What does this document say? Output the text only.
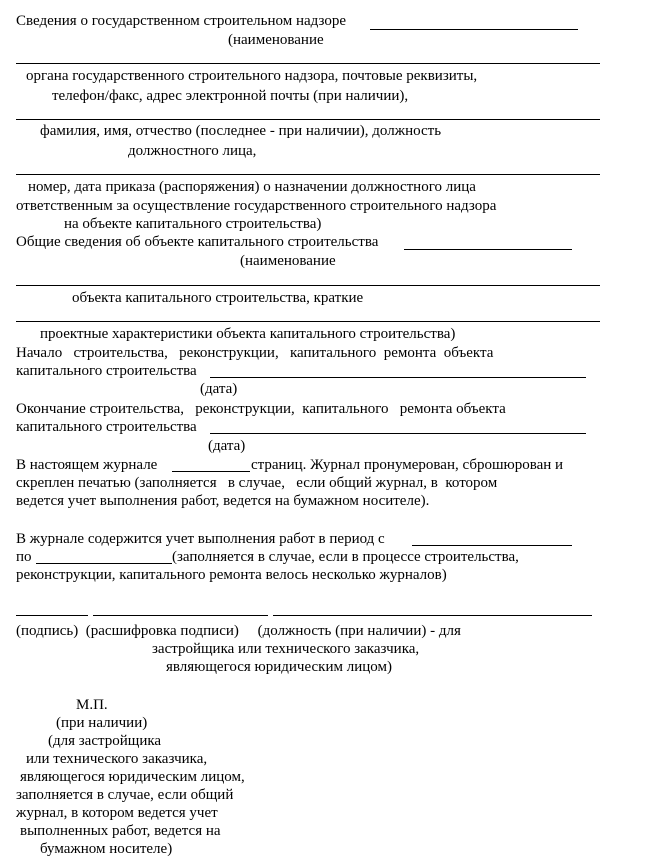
Сведения о государственном строительном надзоре
(наименование
органа государственного строительного надзора, почтовые реквизиты,
телефон/факс, адрес электронной почты (при наличии),
фамилия, имя, отчество (последнее - при наличии), должность
должностного лица,
номер, дата приказа (распоряжения) о назначении должностного лица
ответственным за осуществление государственного строительного надзора
на объекте капитального строительства)
Общие сведения об объекте капитального строительства
(наименование
объекта капитального строительства, краткие
проектные характеристики объекта капитального строительства)
Начало   строительства,   реконструкции,   капитального  ремонта  объекта
капитального строительства
(дата)
Окончание строительства,   реконструкции,  капитального   ремонта объекта
капитального строительства
(дата)
В настоящем журнале	страниц. Журнал пронумерован, сброшюрован и
скреплен печатью (заполняется   в случае,   если общий журнал, в  котором
ведется учет выполнения работ, ведется на бумажном носителе).
В журнале содержится учет выполнения работ в период с
по	(заполняется в случае, если в процессе строительства,
реконструкции, капитального ремонта велось несколько журналов)
(подпись)  (расшифровка подписи)     (должность (при наличии) - для
застройщика или технического заказчика,
являющегося юридическим лицом)
М.П.
(при наличии)
(для застройщика
или технического заказчика,
являющегося юридическим лицом,
заполняется в случае, если общий
журнал, в котором ведется учет
выполненных работ, ведется на
бумажном носителе)
